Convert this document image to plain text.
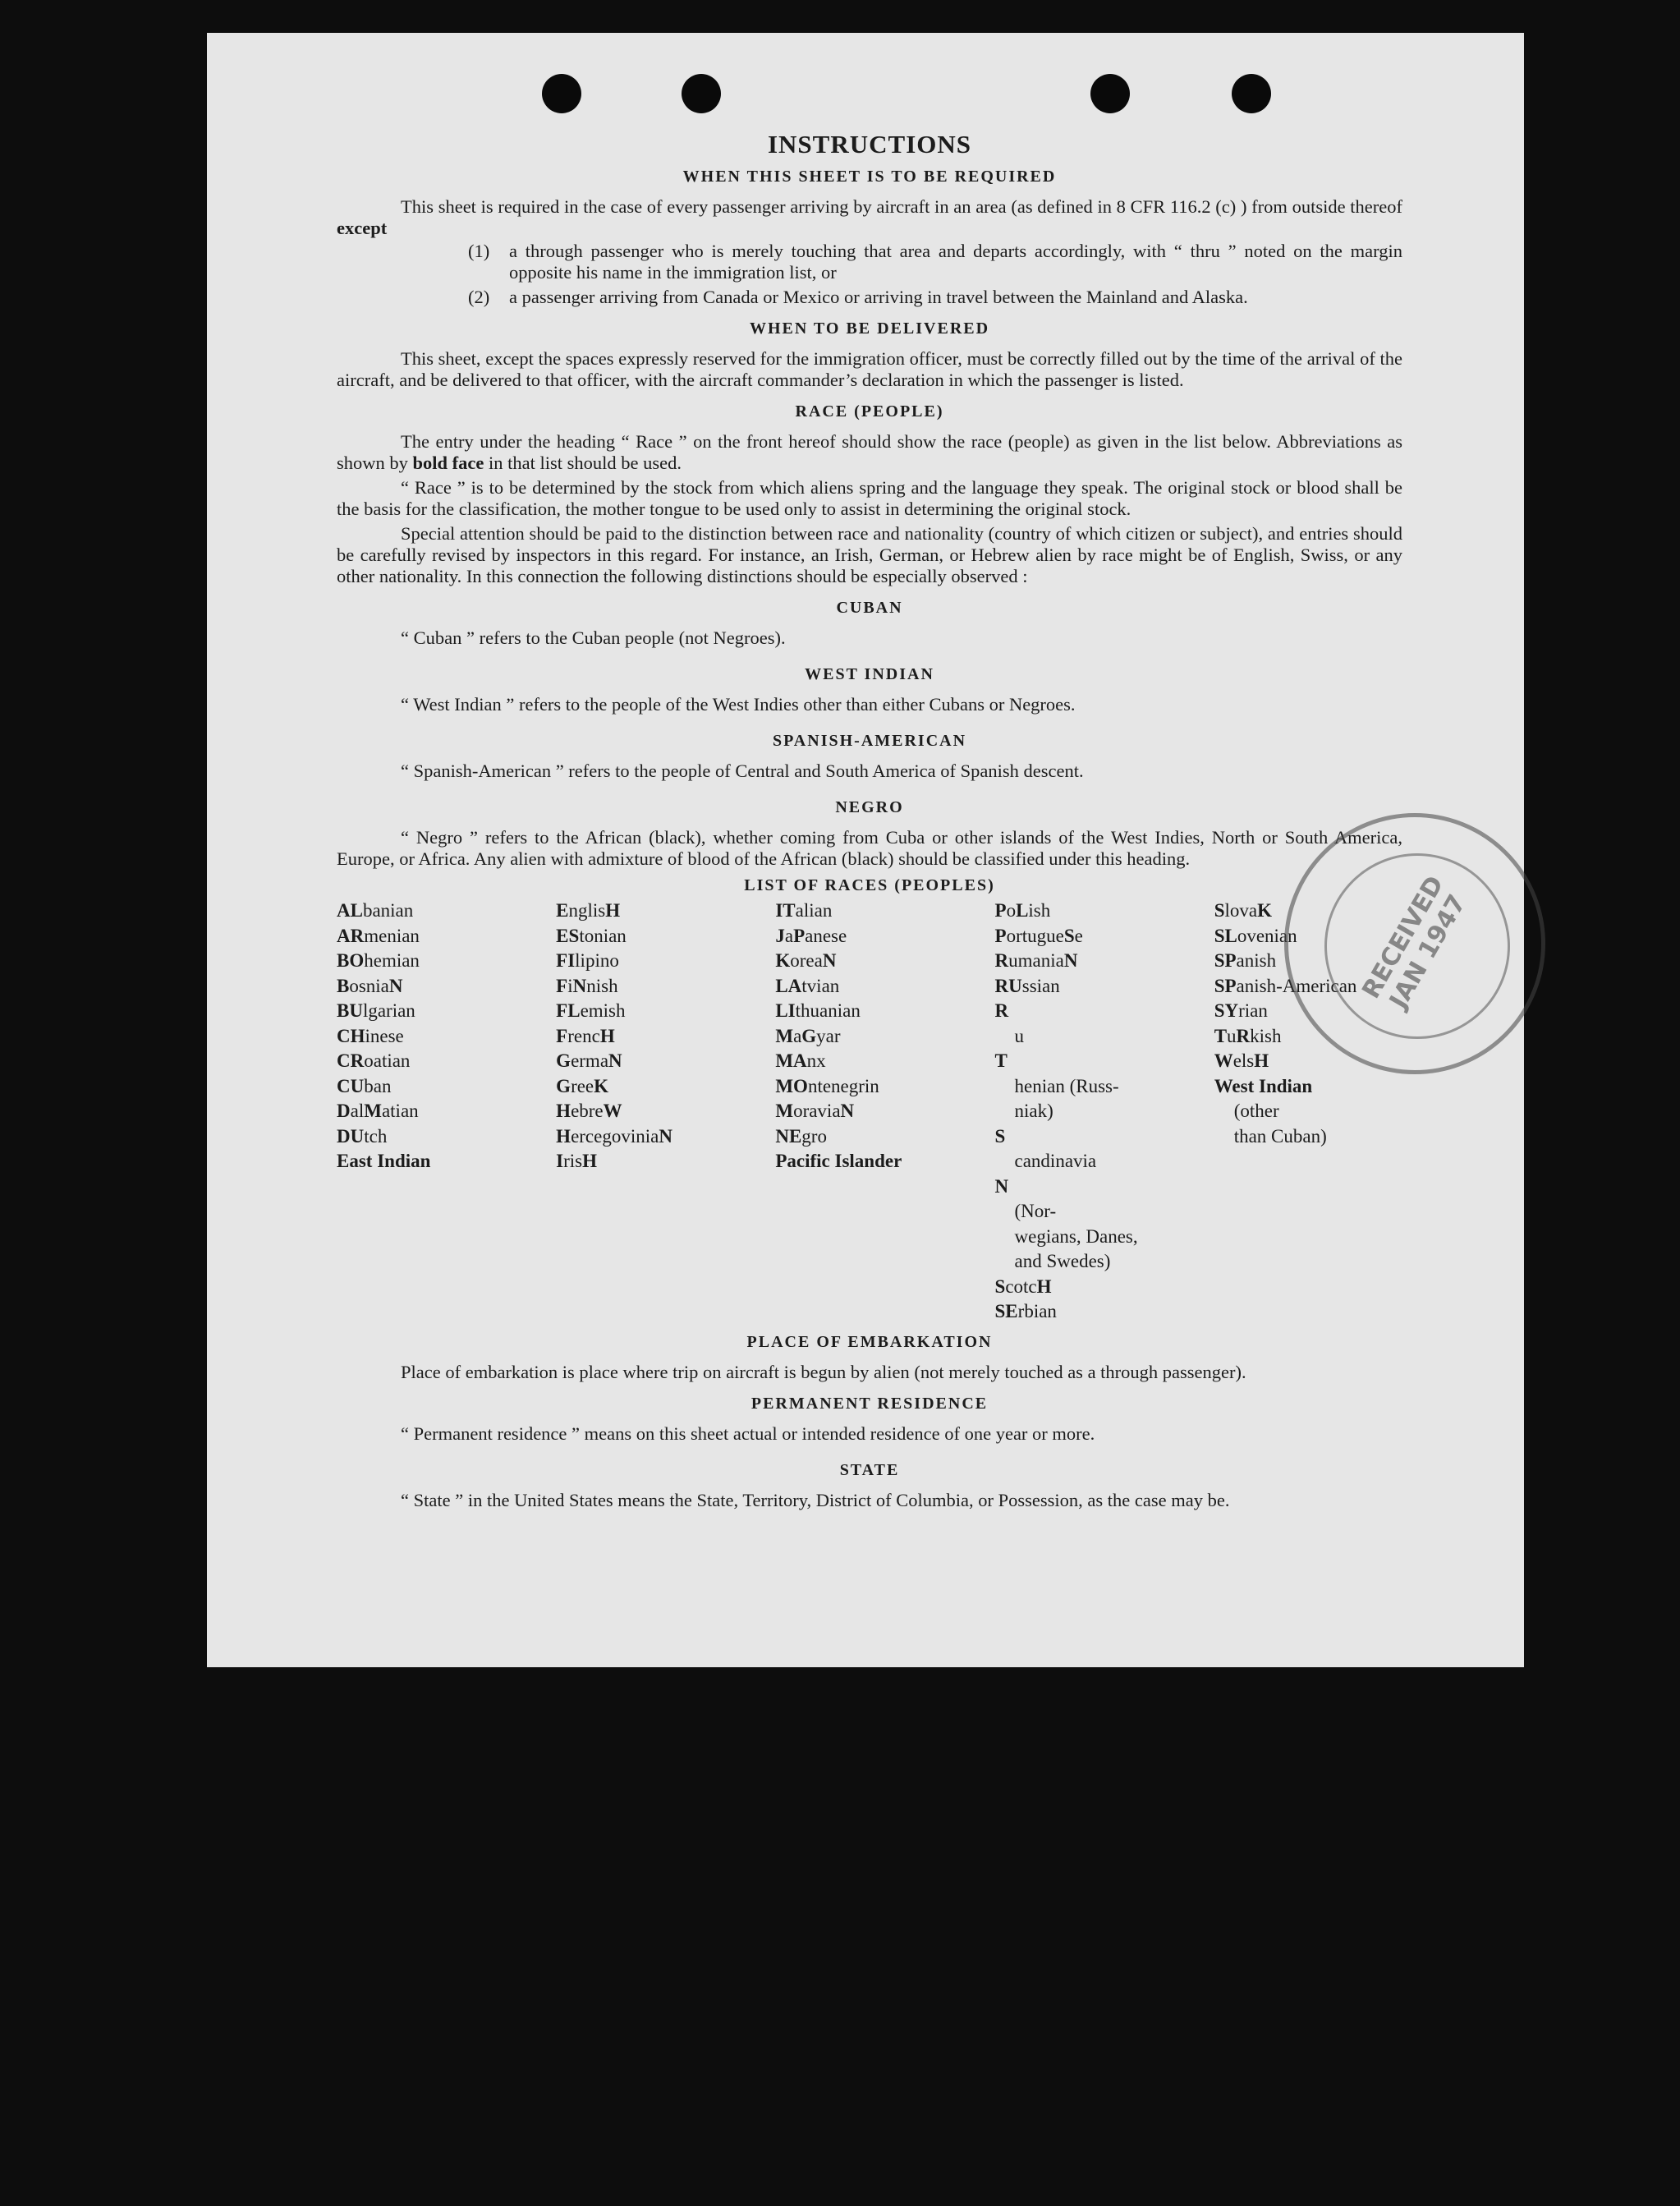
INSTRUCTIONS
WHEN THIS SHEET IS TO BE REQUIRED

This sheet is required in the case of every passenger arriving by aircraft in an area (as defined in 8 CFR 116.2 (c) ) from outside thereof except

(1)	a through passenger who is merely touching that area and departs accordingly, with “ thru ” noted on the margin opposite his name in the immigration list, or
(2)	a passenger arriving from Canada or Mexico or arriving in travel between the Mainland and Alaska.
WHEN TO BE DELIVERED

This sheet, except the spaces expressly reserved for the immigration officer, must be correctly filled out by the time of the arrival of the aircraft, and be delivered to that officer, with the aircraft commander’s declaration in which the passenger is listed.

RACE (PEOPLE)

The entry under the heading “ Race ” on the front hereof should show the race (people) as given in the list below. Abbreviations as shown by bold face in that list should be used.

“ Race ” is to be determined by the stock from which aliens spring and the language they speak. The original stock or blood shall be the basis for the classification, the mother tongue to be used only to assist in determining the original stock.

Special attention should be paid to the distinction between race and nationality (country of which citizen or subject), and entries should be carefully revised by inspectors in this regard. For instance, an Irish, German, or Hebrew alien by race might be of English, Swiss, or any other nationality. In this connection the following distinctions should be especially observed :

CUBAN

“ Cuban ” refers to the Cuban people (not Negroes).

WEST INDIAN

“ West Indian ” refers to the people of the West Indies other than either Cubans or Negroes.

SPANISH-AMERICAN

“ Spanish-American ” refers to the people of Central and South America of Spanish descent.

NEGRO

“ Negro ” refers to the African (black), whether coming from Cuba or other islands of the West Indies, North or South America, Europe, or Africa. Any alien with admixture of blood of the African (black) should be classified under this heading.

LIST OF RACES (PEOPLES)
ALbanian
ARmenian
BOhemian
BosniaN
BUlgarian
CHinese
CRoatian
CUban
DalMatian
DUtch
East Indian
EnglisH
EStonian
FIlipino
FiNnish
FLemish
FrencH
GermaN
GreeK
HebreW
HercegoviniaN
IrisH
ITalian
JaPanese
KoreaN
LAtvian
LIthuanian
MaGyar
MAnx
MOntenegrin
MoraviaN
NEgro
Pacific Islander
PoLish
PortugueSe
RumaniaN
RUssian
R
u
T
henian (Russ-
niak)
S
candinavia
N
(Nor-
wegians, Danes,
and Swedes)
ScotcH
SErbian
SlovaK
SLovenian
SPanish
SPanish-American
SYrian
TuRkish
WelsH
West Indian
(other
than Cuban)
PLACE OF EMBARKATION

Place of embarkation is place where trip on aircraft is begun by alien (not merely touched as a through passenger).

PERMANENT RESIDENCE

“ Permanent residence ” means on this sheet actual or intended residence of one year or more.

STATE

“ State ” in the United States means the State, Territory, District of Columbia, or Possession, as the case may be.

RECEIVED JAN 1947
